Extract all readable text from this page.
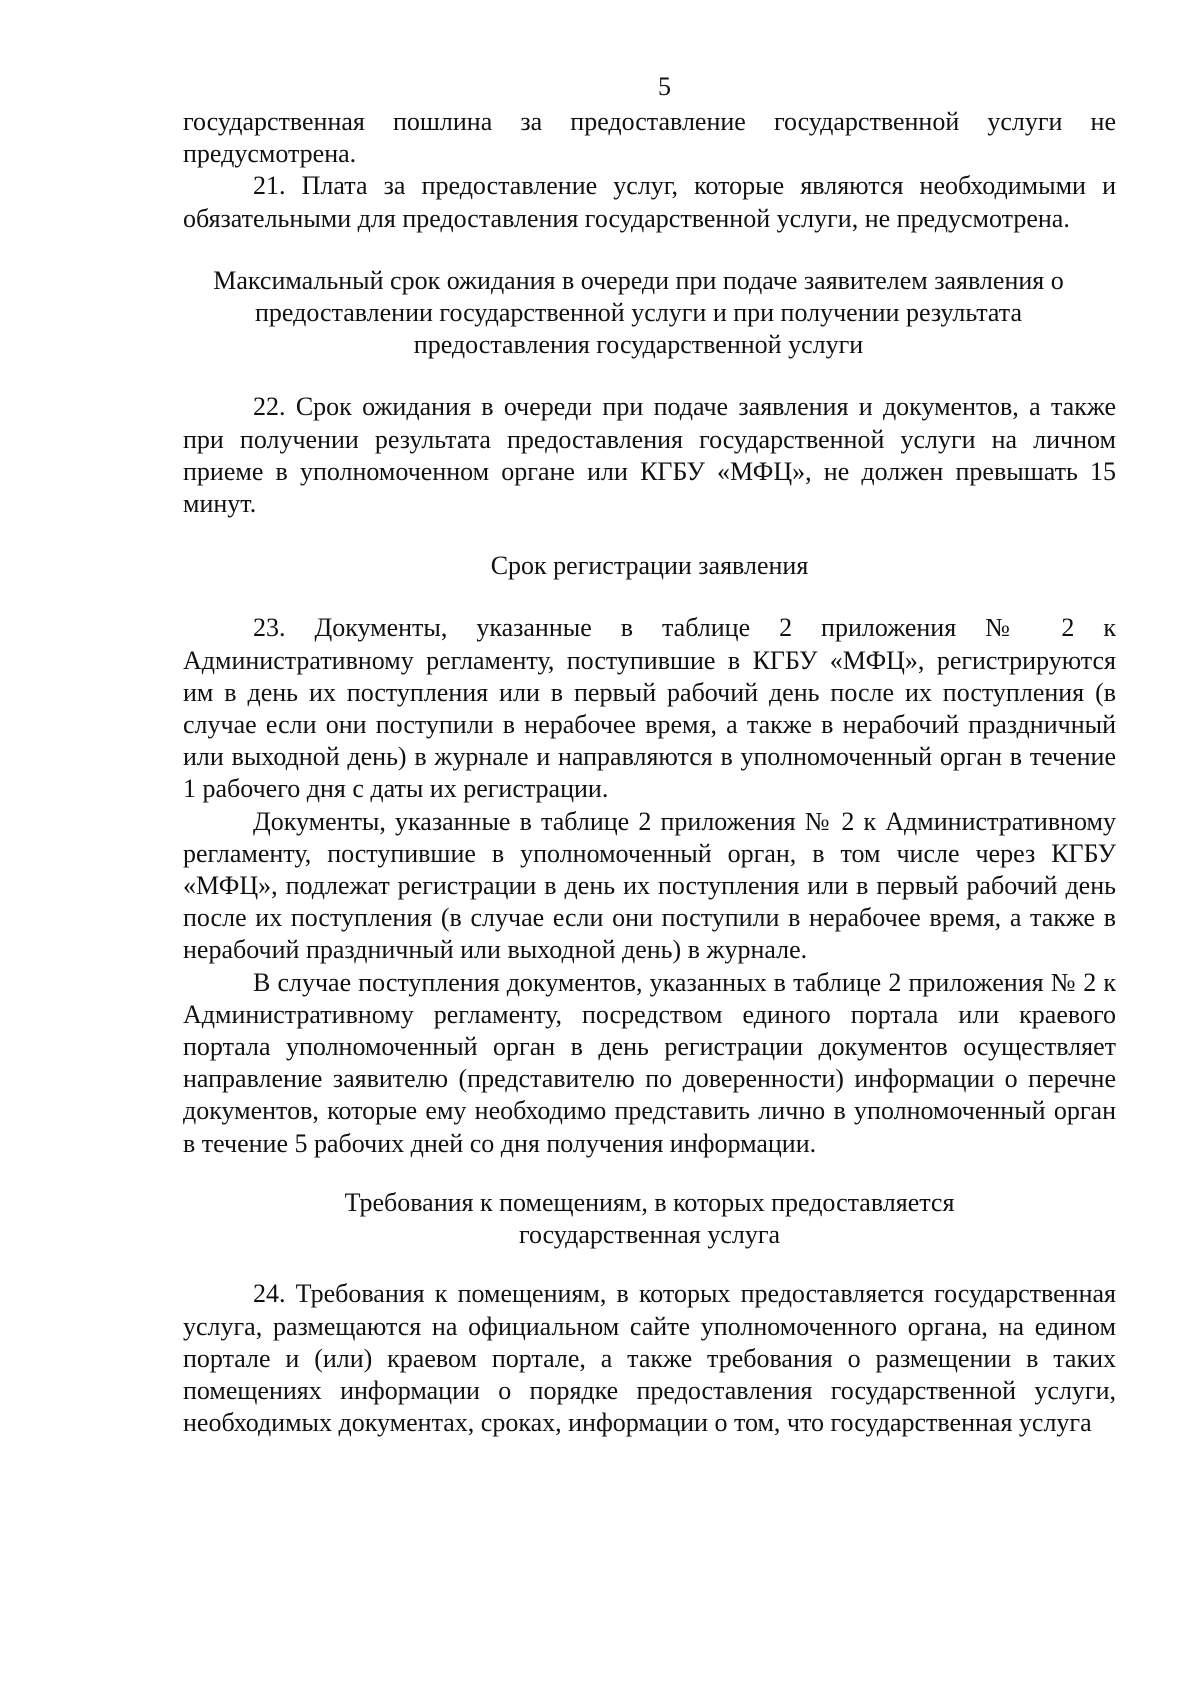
5

государственная пошлина за предоставление государственной услуги не предусмотрена.

21. Плата за предоставление услуг, которые являются необходимыми и обязательными для предоставления государственной услуги, не предусмотрена.

Максимальный срок ожидания в очереди при подаче заявителем заявления о предоставлении государственной услуги и при получении результата предоставления государственной услуги

22. Срок ожидания в очереди при подаче заявления и документов, а также при получении результата предоставления государственной услуги на личном приеме в уполномоченном органе или КГБУ «МФЦ», не должен превышать 15 минут.

Срок регистрации заявления

23. Документы, указанные в таблице 2 приложения № 2 к Административному регламенту, поступившие в КГБУ «МФЦ», регистрируются им в день их поступления или в первый рабочий день после их поступления (в случае если они поступили в нерабочее время, а также в нерабочий праздничный или выходной день) в журнале и направляются в уполномоченный орган в течение 1 рабочего дня с даты их регистрации.

Документы, указанные в таблице 2 приложения № 2 к Административному регламенту, поступившие в уполномоченный орган, в том числе через КГБУ «МФЦ», подлежат регистрации в день их поступления или в первый рабочий день после их поступления (в случае если они поступили в нерабочее время, а также в нерабочий праздничный или выходной день) в журнале.

В случае поступления документов, указанных в таблице 2 приложения № 2 к Административному регламенту, посредством единого портала или краевого портала уполномоченный орган в день регистрации документов осуществляет направление заявителю (представителю по доверенности) информации о перечне документов, которые ему необходимо представить лично в уполномоченный орган в течение 5 рабочих дней со дня получения информации.

Требования к помещениям, в которых предоставляется государственная услуга

24. Требования к помещениям, в которых предоставляется государственная услуга, размещаются на официальном сайте уполномоченного органа, на едином портале и (или) краевом портале, а также требования о размещении в таких помещениях информации о порядке предоставления государственной услуги, необходимых документах, сроках, информации о том, что государственная услуга
